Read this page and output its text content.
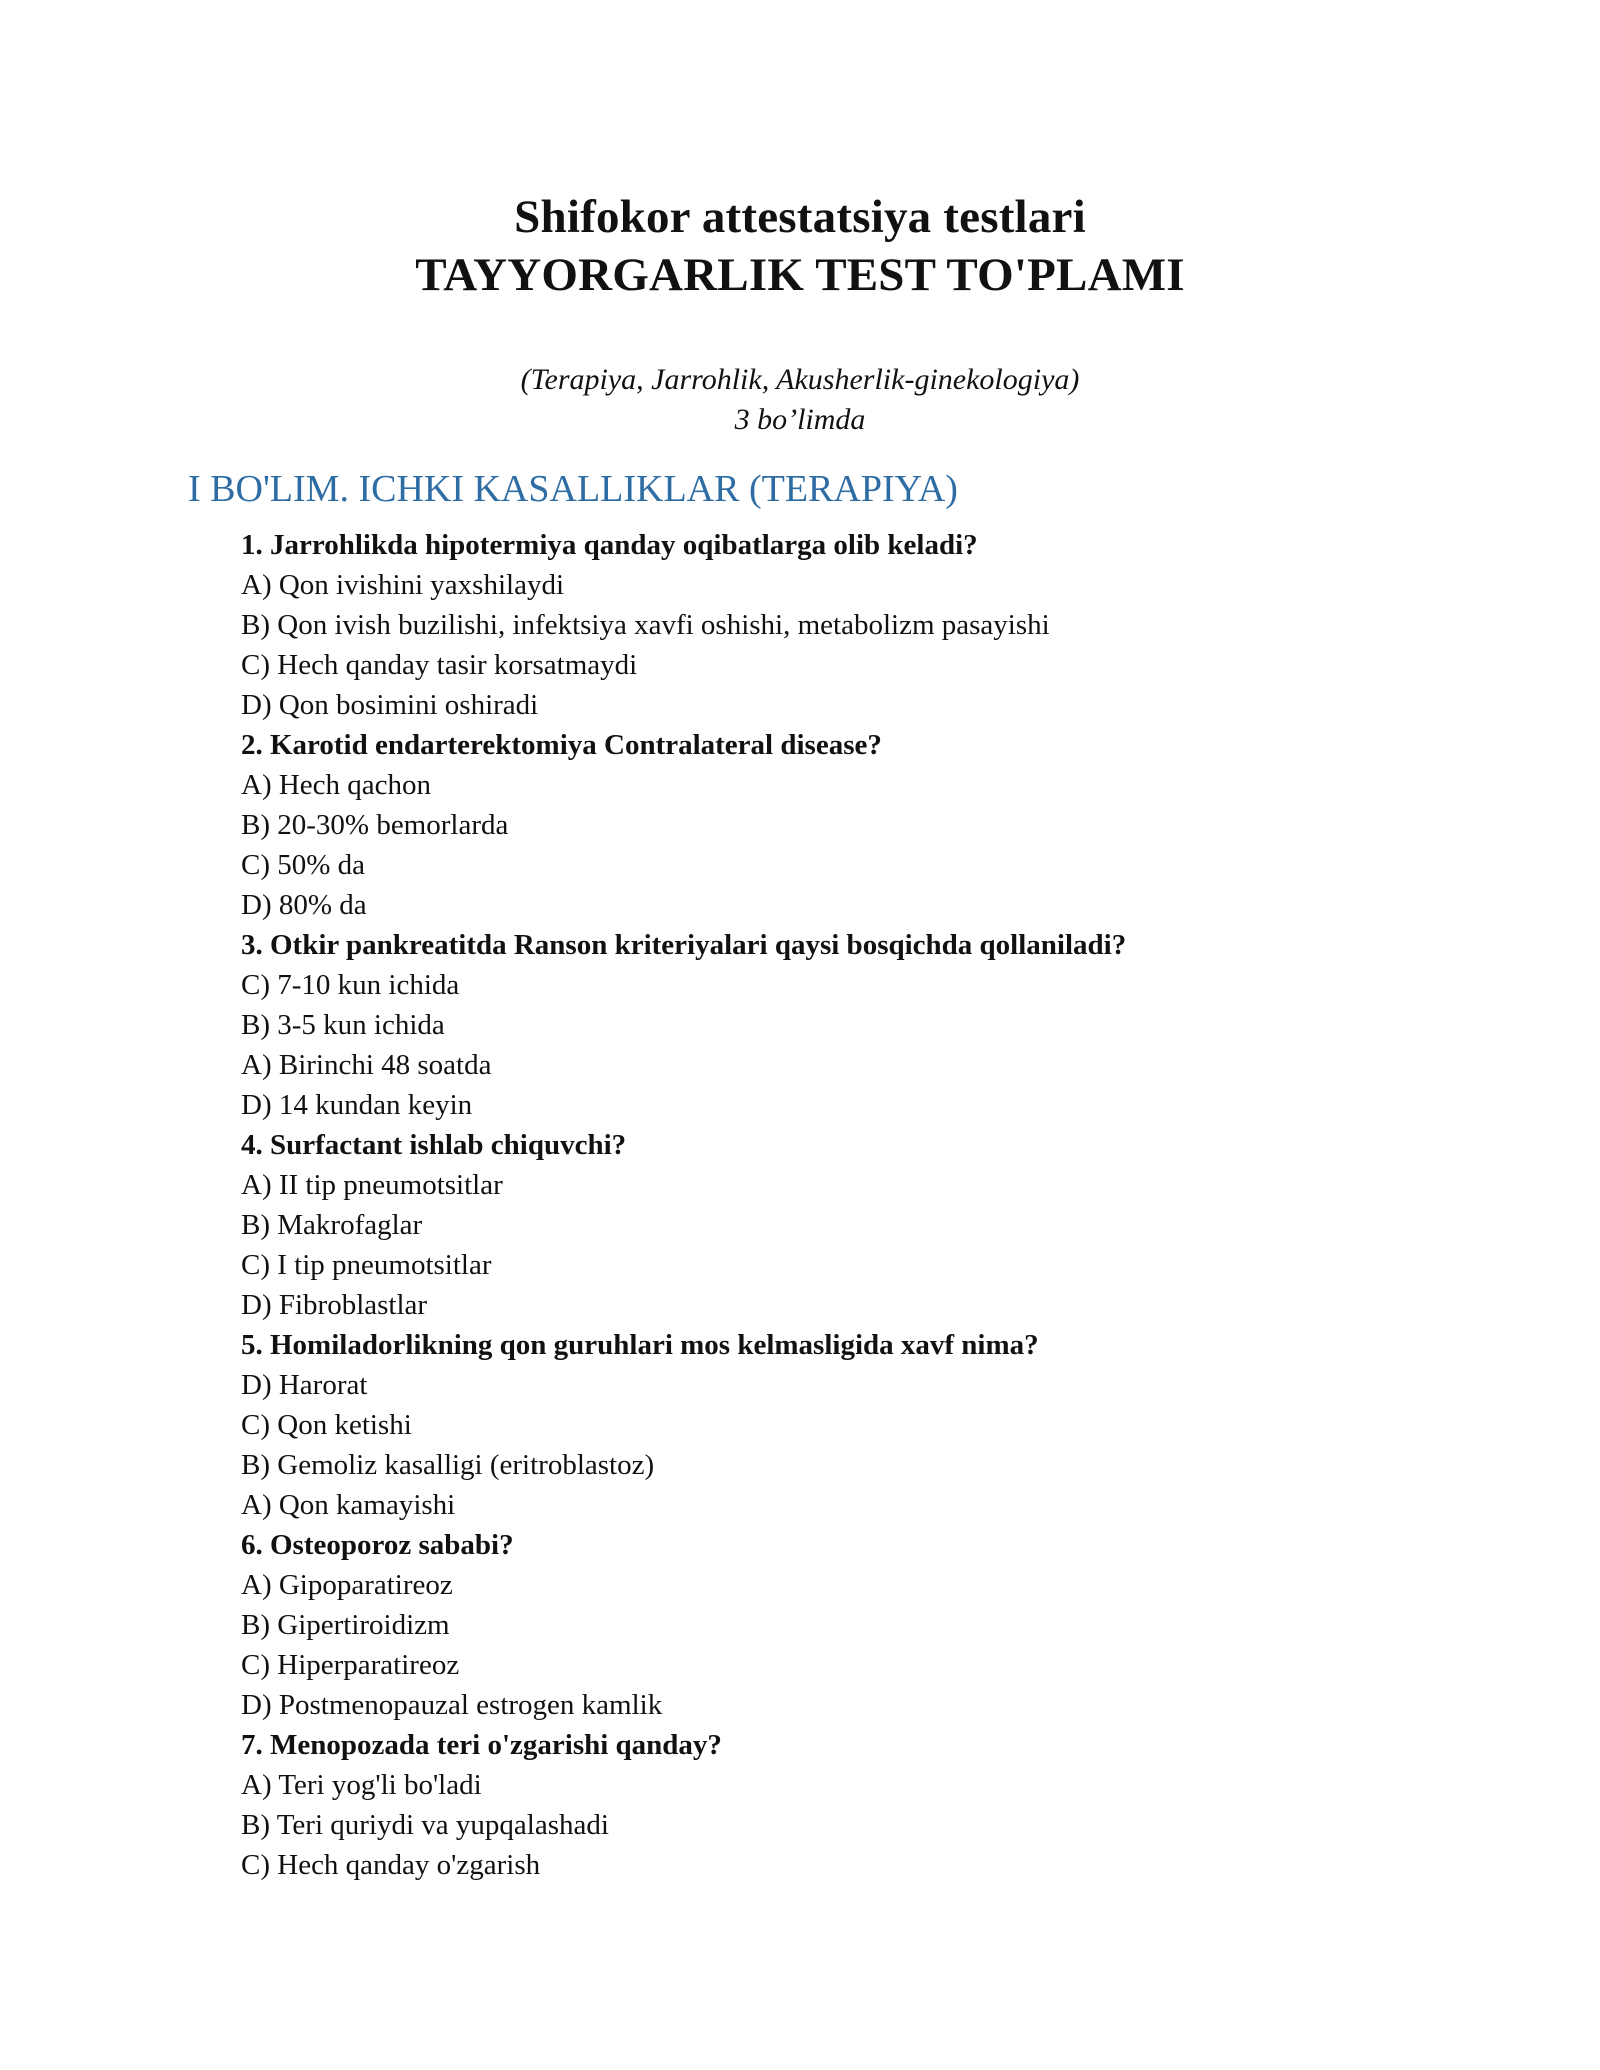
Shifokor attestatsiya testlari

TAYYORGARLIK TEST TO'PLAMI

(Terapiya, Jarrohlik, Akusherlik-ginekologiya)

3 bo’limda

I BO'LIM. ICHKI KASALLIKLAR (TERAPIYA)

1. Jarrohlikda hipotermiya qanday oqibatlarga olib keladi?

A) Qon ivishini yaxshilaydi

B) Qon ivish buzilishi, infektsiya xavfi oshishi, metabolizm pasayishi

C) Hech qanday tasir korsatmaydi

D) Qon bosimini oshiradi

2. Karotid endarterektomiya Contralateral disease?

A) Hech qachon

B) 20-30% bemorlarda

C) 50% da

D) 80% da

3. Otkir pankreatitda Ranson kriteriyalari qaysi bosqichda qollaniladi?

C) 7-10 kun ichida

B) 3-5 kun ichida

A) Birinchi 48 soatda

D) 14 kundan keyin

4. Surfactant ishlab chiquvchi?

A) II tip pneumotsitlar

B) Makrofaglar

C) I tip pneumotsitlar

D) Fibroblastlar

5. Homiladorlikning qon guruhlari mos kelmasligida xavf nima?

D) Harorat

C) Qon ketishi

B) Gemoliz kasalligi (eritroblastoz)

A) Qon kamayishi

6. Osteoporoz sababi?

A) Gipoparatireoz

B) Gipertiroidizm

C) Hiperparatireoz

D) Postmenopauzal estrogen kamlik

7. Menopozada teri o'zgarishi qanday?

A) Teri yog'li bo'ladi

B) Teri quriydi va yupqalashadi

C) Hech qanday o'zgarish
